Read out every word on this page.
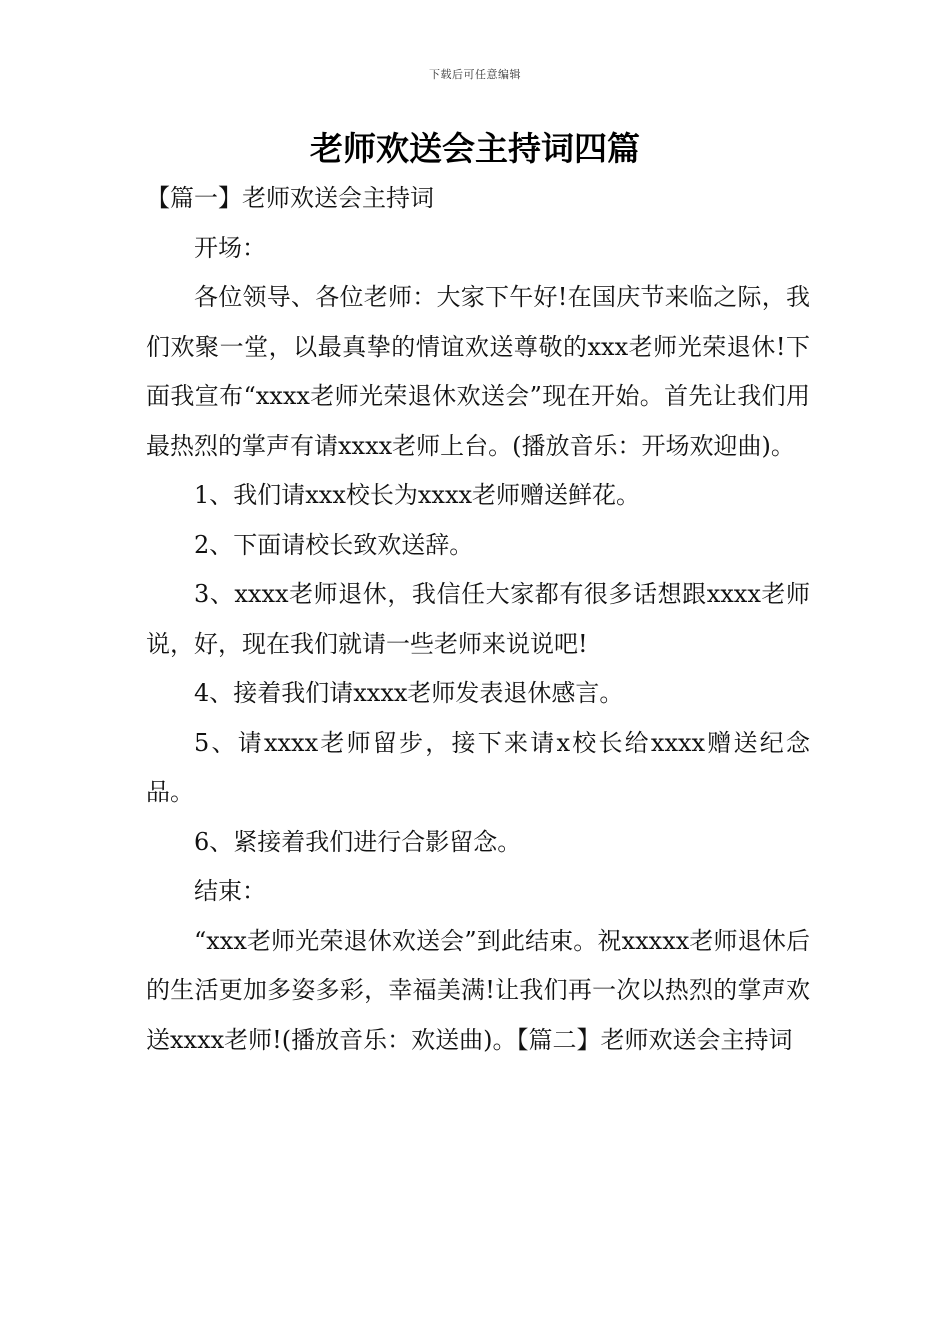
下载后可任意编辑
老师欢送会主持词四篇

【篇一】老师欢送会主持词

开场：

各位领导、各位老师：大家下午好!在国庆节来临之际，我们欢聚一堂，以最真挚的情谊欢送尊敬的xxx老师光荣退休!下面我宣布“xxxx老师光荣退休欢送会”现在开始。首先让我们用最热烈的掌声有请xxxx老师上台。(播放音乐：开场欢迎曲)。

1、我们请xxx校长为xxxx老师赠送鲜花。

2、下面请校长致欢送辞。

3、xxxx老师退休，我信任大家都有很多话想跟xxxx老师说，好，现在我们就请一些老师来说说吧!

4、接着我们请xxxx老师发表退休感言。

5、请xxxx老师留步，接下来请x校长给xxxx赠送纪念品。

6、紧接着我们进行合影留念。

结束：

“xxx老师光荣退休欢送会”到此结束。祝xxxxx老师退休后的生活更加多姿多彩，幸福美满!让我们再一次以热烈的掌声欢送xxxx老师!(播放音乐：欢送曲)。【篇二】老师欢送会主持词
